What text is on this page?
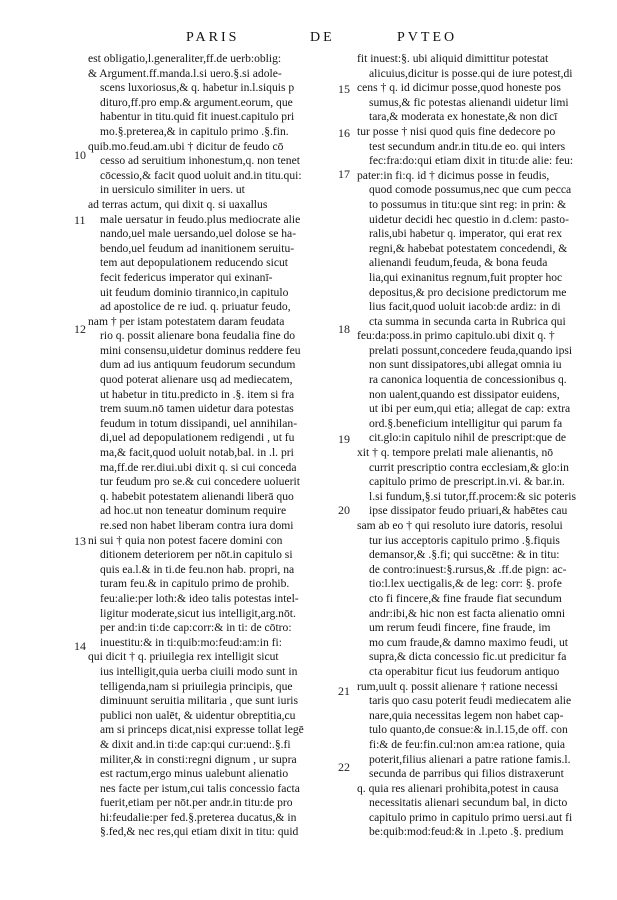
PARIS	DE	PVTEO
est obligatio,l.generaliter,ff.de uerb:oblig:
& Argument.ff.manda.l.si uero.§.si adole-
scens luxoriosus,& q. habetur in.l.siquis p
dituro,ff.pro emp.& argument.eorum, que
habentur in titu.quid fit inuest.capitulo pri
mo.§.preterea,& in capitulo primo .§.fin.
quib.mo.feud.am.ubi † dicitur de feudo cō
cesso ad seruitium inhonestum,q. non tenet
cōcessio,& facit quod uoluit and.in titu.qui:
in uersiculo similiter in uers. ut
ad terras actum, qui dixit q. si uaxallus
male uersatur in feudo.plus mediocrate alie
nando,uel male uersando,uel dolose se ha-
bendo,uel feudum ad inanitionem seruitu-
tem aut depopulationem reducendo sicut
fecit federicus imperator qui exinanī-
uit feudum dominio tirannico,in capitulo
ad apostolice de re iud. q. priuatur feudo,
nam † per istam potestatem daram feudata
rio q. possit alienare bona feudalia fine do
mini consensu,uidetur dominus reddere feu
dum ad ius antiquum feudorum secundum
quod poterat alienare usq ad mediecatem,
ut habetur in titu.predicto in .§. item si fra
trem suum.nō tamen uidetur dara potestas
feudum in totum dissipandi, uel annihilan-
di,uel ad depopulationem redigendi , ut fu
ma,& facit,quod uoluit notab,bal. in .l. pri
ma,ff.de rer.diui.ubi dixit q. si cui conceda
tur feudum pro se.& cui concedere uoluerit
q. habebit potestatem alienandi liberā quo
ad hoc.ut non teneatur dominum require
re.sed non habet liberam contra iura domi
ni sui † quia non potest facere domini con
ditionem deteriorem per nōt.in capitulo si
quis ea.l.& in ti.de feu.non hab. propri, na
turam feu.& in capitulo primo de prohib.
feu:alie:per loth:& ideo talis potestas intel-
ligitur moderate,sicut ius intelligit,arg.nōt.
per and:in ti:de cap:corr:& in ti: de cōtro:
inuestitu:& in ti:quib:mo:feud:am:in fi:
qui dicit † q. priuilegia rex intelligit sicut
ius intelligit,quia uerba ciuili modo sunt in
telligenda,nam si priuilegia principis, que
diminuunt seruitia militaria , que sunt iuris
publici non ualēt, & uidentur obreptitia,cu
am si princeps dicat,nisi expresse tollat legē
& dixit and.in ti:de cap:qui cur:uend:.§.fi
militer,& in consti:regni dignum , ur supra
est ractum,ergo minus ualebunt alienatio
nes facte per istum,cui talis concessio facta
fuerit,etiam per nōt.per andr.in titu:de pro
hi:feudalie:per fed.§.preterea ducatus,& in
§.fed,& nec res,qui etiam dixit in titu: quid
fit inuest:§. ubi aliquid dimittitur potestat
alicuius,dicitur is posse.qui de iure potest,di
cens † q. id dicimur posse,quod honeste pos
sumus,& fic potestas alienandi uidetur limi
tara,& moderata ex honestate,& non dicī
tur posse † nisi quod quis fine dedecore po
test secundum andr.in titu.de eo. qui inters
fec:fra:do:qui etiam dixit in titu:de alie: feu:
pater:in fi:q. id † dicimus posse in feudis,
quod comode possumus,nec que cum pecca
to possumus in titu:que sint reg: in prin: &
uidetur decidi hec questio in d.clem: pasto-
ralis,ubi habetur q. imperator, qui erat rex
regni,& habebat potestatem concedendi, &
alienandi feudum,feuda, & bona feuda
lia,qui exinanitus regnum,fuit propter hoc
depositus,& pro decisione predictorum me
lius facit,quod uoluit iacob:de ardiz: in di
cta summa in secunda carta in Rubrica qui
feu:da:poss.in primo capitulo.ubi dixit q. †
prelati possunt,concedere feuda,quando ipsi
non sunt dissipatores,ubi allegat omnia iu
ra canonica loquentia de concessionibus q.
non ualent,quando est dissipator euidens,
ut ibi per eum,qui etia; allegat de cap: extra
ord.§.beneficium intelligitur qui parum fa
cit.glo:in capitulo nihil de prescript:que de
xit † q. tempore prelati male alienantis, nō
currit prescriptio contra ecclesiam,& glo:in
capitulo primo de prescript.in.vi. & bar.in.
l.si fundum,§.si tutor,ff.procem:& sic poteris
ipse dissipator feudo priuari,& habētes cau
sam ab eo † qui resoluto iure datoris, resolui
tur ius acceptoris capitulo primo .§.fiquis
demansor,& .§.fi; qui succētne: & in titu:
de contro:inuest:§.rursus,& .ff.de pign: ac-
tio:l.lex uectigalis,& de leg: corr: §. profe
cto fi fincere,& fine fraude fiat secundum
andr:ibi,& hic non est facta alienatio omni
um rerum feudi fincere, fine fraude, im
mo cum fraude,& damno maximo feudi, ut
supra,& dicta concessio fic.ut predicitur fa
cta operabitur ficut ius feudorum antiquo
rum,uult q. possit alienare † ratione necessi
taris quo casu poterit feudi mediecatem alie
nare,quia necessitas legem non habet cap-
tulo quanto,de consue:& in.l.15,de off. con
fi:& de feu:fin.cul:non am:ea ratione, quia
poterit,filius alienari a patre ratione famis.l.
secunda de parribus qui filios distraxerunt
q. quia res alienari prohibita,potest in causa
necessitatis alienari secundum bal, in dicto
capitulo primo in capitulo primo uersi.aut fi
be:quib:mod:feud:& in .l.peto .§. predium
10
11
12
13
14
15
16
17
18
19
20
21
22
